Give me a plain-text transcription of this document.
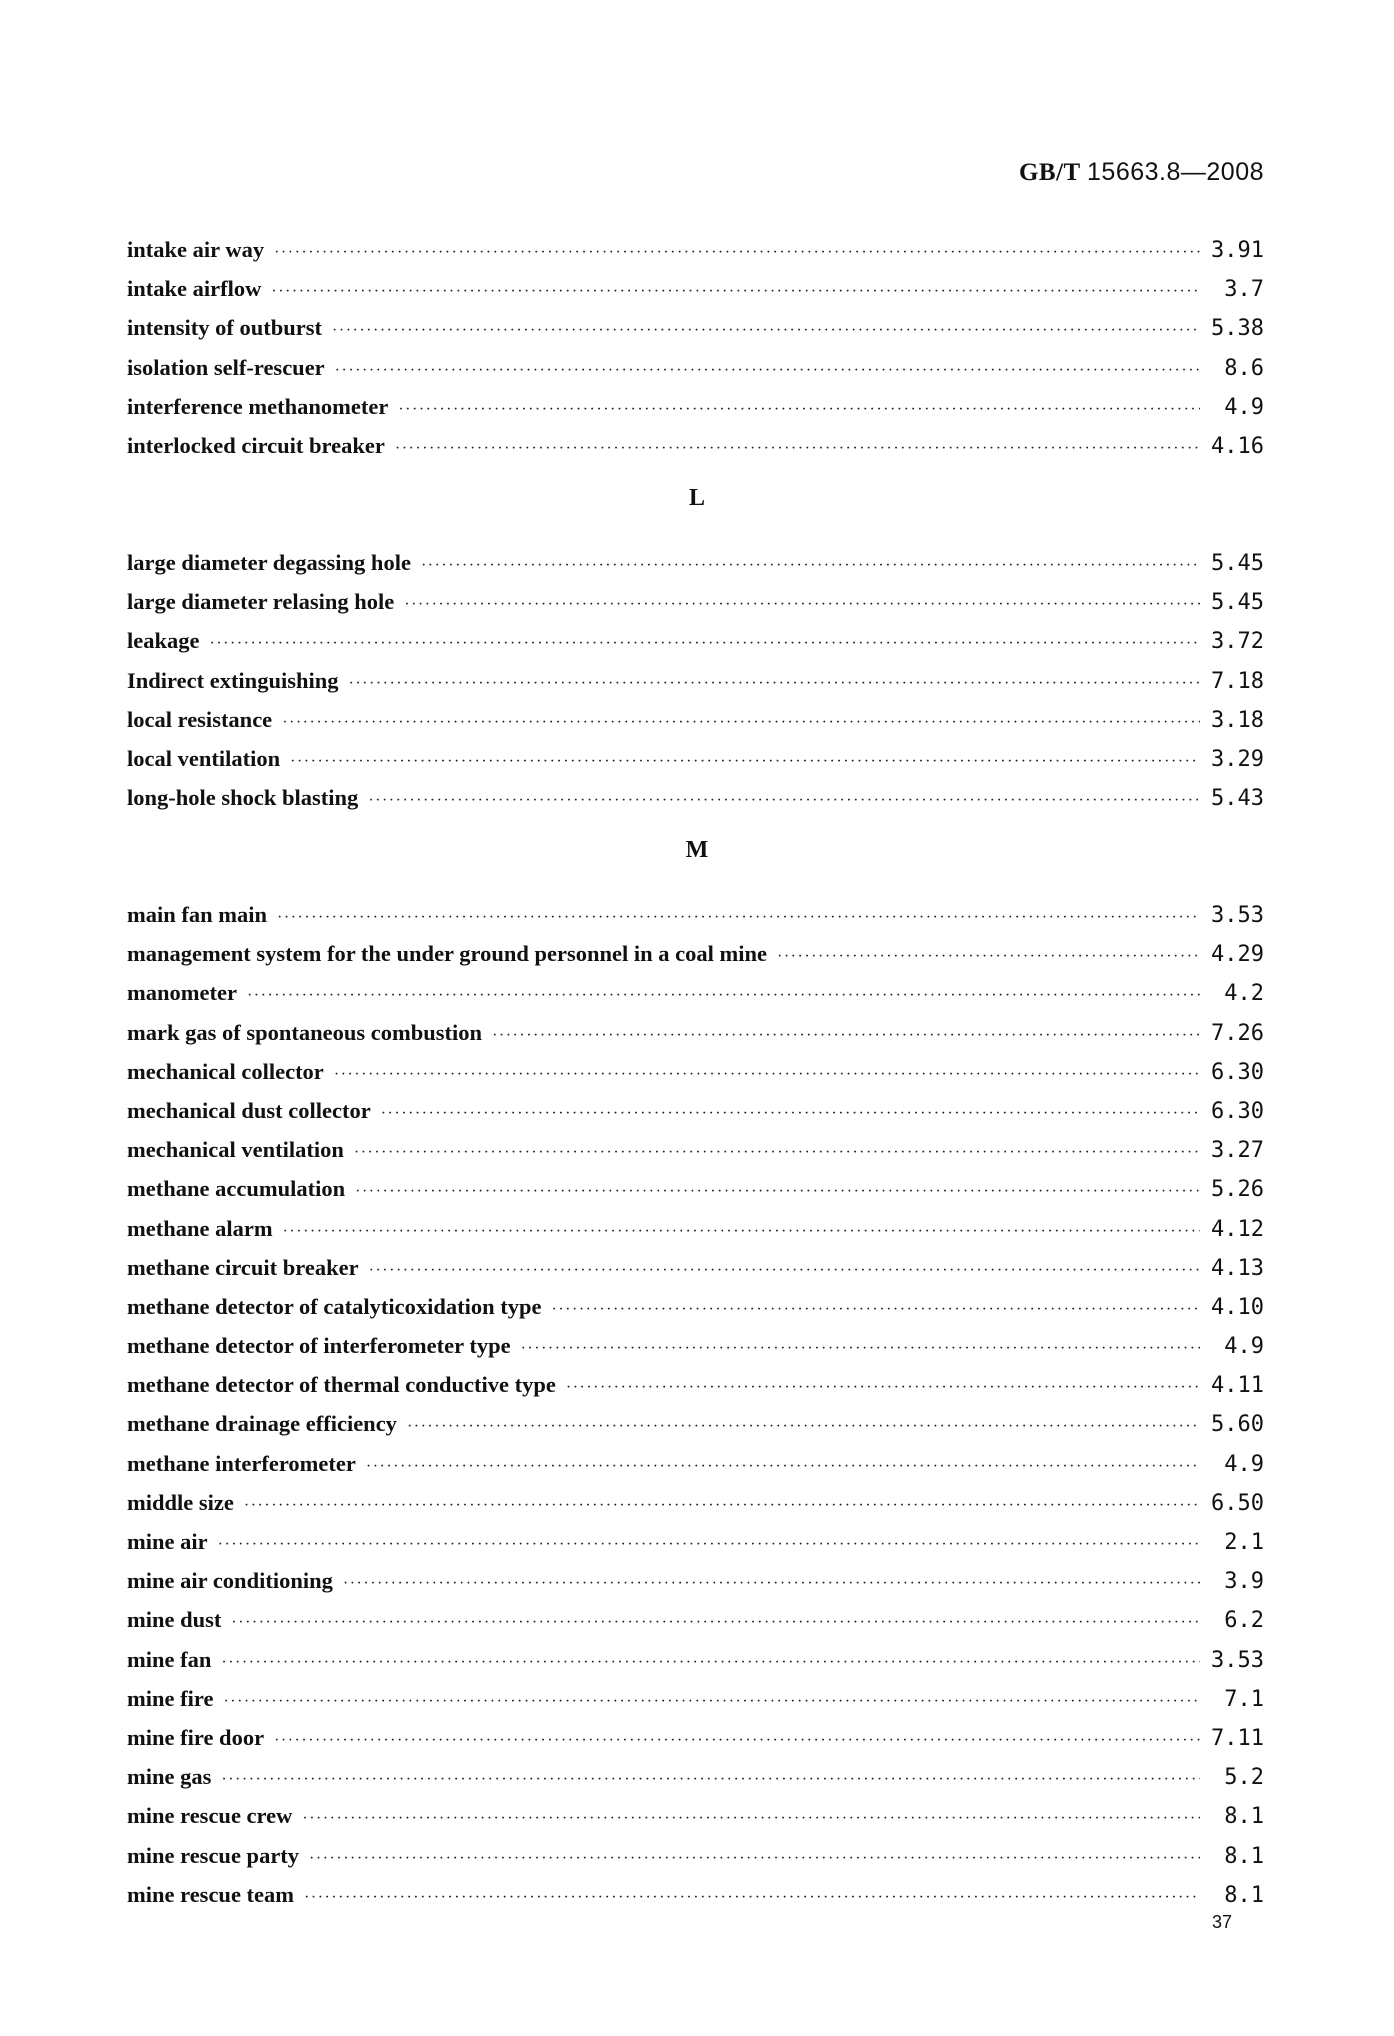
GB/T 15663.8—2008
intake air way ·····	3.91
intake airflow ·····	3.7
intensity of outburst ·····	5.38
isolation self-rescuer ·····	8.6
interference methanometer ·····	4.9
interlocked circuit breaker ·····	4.16
L
large diameter degassing hole ·····	5.45
large diameter relasing hole ·····	5.45
leakage ·····	3.72
Indirect extinguishing ·····	7.18
local resistance ·····	3.18
local ventilation ·····	3.29
long-hole shock blasting ·····	5.43
M
main fan main ·····	3.53
management system for the under ground personnel in a coal mine ·····	4.29
manometer ·····	4.2
mark gas of spontaneous combustion ·····	7.26
mechanical collector ·····	6.30
mechanical dust collector ·····	6.30
mechanical ventilation ·····	3.27
methane accumulation ·····	5.26
methane alarm ·····	4.12
methane circuit breaker ·····	4.13
methane detector of catalyticoxidation type ·····	4.10
methane detector of interferometer type ·····	4.9
methane detector of thermal conductive type ·····	4.11
methane drainage efficiency ·····	5.60
methane interferometer ·····	4.9
middle size ·····	6.50
mine air ·····	2.1
mine air conditioning ·····	3.9
mine dust ·····	6.2
mine fan ·····	3.53
mine fire ·····	7.1
mine fire door ·····	7.11
mine gas ·····	5.2
mine rescue crew ·····	8.1
mine rescue party ·····	8.1
mine rescue team ·····	8.1
37
